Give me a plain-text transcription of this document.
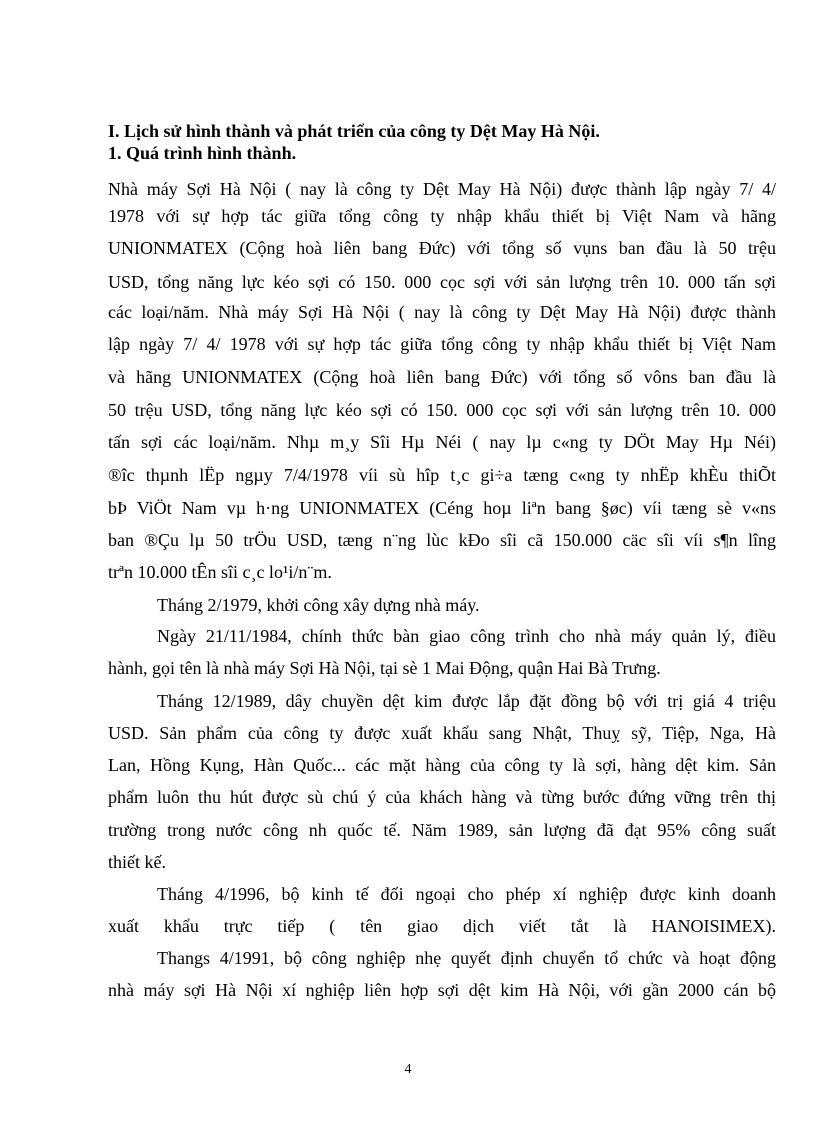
I. Lịch sử hình thành và phát triển của công ty Dệt May Hà Nội.
1. Quá trình hình thành.
Nhà máy Sợi Hà Nội ( nay là công ty Dệt May Hà Nội) được thành lập ngày 7/ 4/
1978 với sự hợp tác giữa tổng công ty nhập khẩu thiết bị Việt Nam và hãng
UNIONMATEX (Cộng hoà liên bang Đức) với tổng số vụns ban đầu là 50 trệu
USD, tổng năng lực kéo sợi có 150. 000 cọc sợi với sản lượng trên 10. 000 tấn sợi
các loại/năm. Nhà máy Sợi Hà Nội ( nay là công ty Dệt May Hà Nội) được thành
lập ngày 7/ 4/ 1978 với sự hợp tác giữa tổng công ty nhập khẩu thiết bị Việt Nam
và hãng UNIONMATEX (Cộng hoà liên bang Đức) với tổng số vôns ban đầu là
50 trệu USD, tổng năng lực kéo sợi có 150. 000 cọc sợi với sản lượng trên 10. 000
tấn sợi các loại/năm. Nhµ m¸y Sîi Hµ Néi ( nay lµ c«ng ty DÖt May Hµ Néi)
®îc thµnh lËp ngµy 7/4/1978 víi sù hîp t¸c gi÷a tæng c«ng ty nhËp khÈu thiÕt
bÞ ViÖt Nam vµ h·ng UNIONMATEX (Céng hoµ liªn bang §øc) víi tæng sè v«ns
ban ®Çu lµ 50 trÖu USD, tæng n¨ng lùc kÐo sîi cã 150.000 cäc sîi víi s¶n lîng
trªn 10.000 tÊn sîi c¸c lo¹i/n¨m.
Tháng 2/1979, khởi công xây dựng nhà máy.
Ngày 21/11/1984, chính thức bàn giao công trình cho nhà máy quản lý, điều
hành, gọi tên là nhà máy Sợi Hà Nội, tại sè 1 Mai Động, quận Hai Bà Trưng.
Tháng 12/1989, dây chuyền dệt kim được lắp đặt đồng bộ với trị giá 4 triệu
USD. Sản phẩm của công ty được xuất khẩu sang Nhật, Thuỵ sỹ, Tiệp, Nga, Hà
Lan, Hồng Kụng, Hàn Quốc... các mặt hàng của công ty là sợi, hàng dệt kim. Sản
phẩm luôn thu hút được sù chú ý của khách hàng và từng bước đứng vững trên thị
trường trong nước công nh quốc tế. Năm 1989, sản lượng đã đạt 95% công suất
thiết kế.
Tháng 4/1996, bộ kinh tế đối ngoại cho phép xí nghiệp được kinh doanh
xuất khẩu trực tiếp ( tên giao dịch viết tắt là HANOISIMEX).
Thangs 4/1991, bộ công nghiệp nhẹ quyết định chuyển tổ chức và hoạt động
nhà máy sợi Hà Nội xí nghiệp liên hợp sợi dệt kim Hà Nội, với gần 2000 cán bộ
4
